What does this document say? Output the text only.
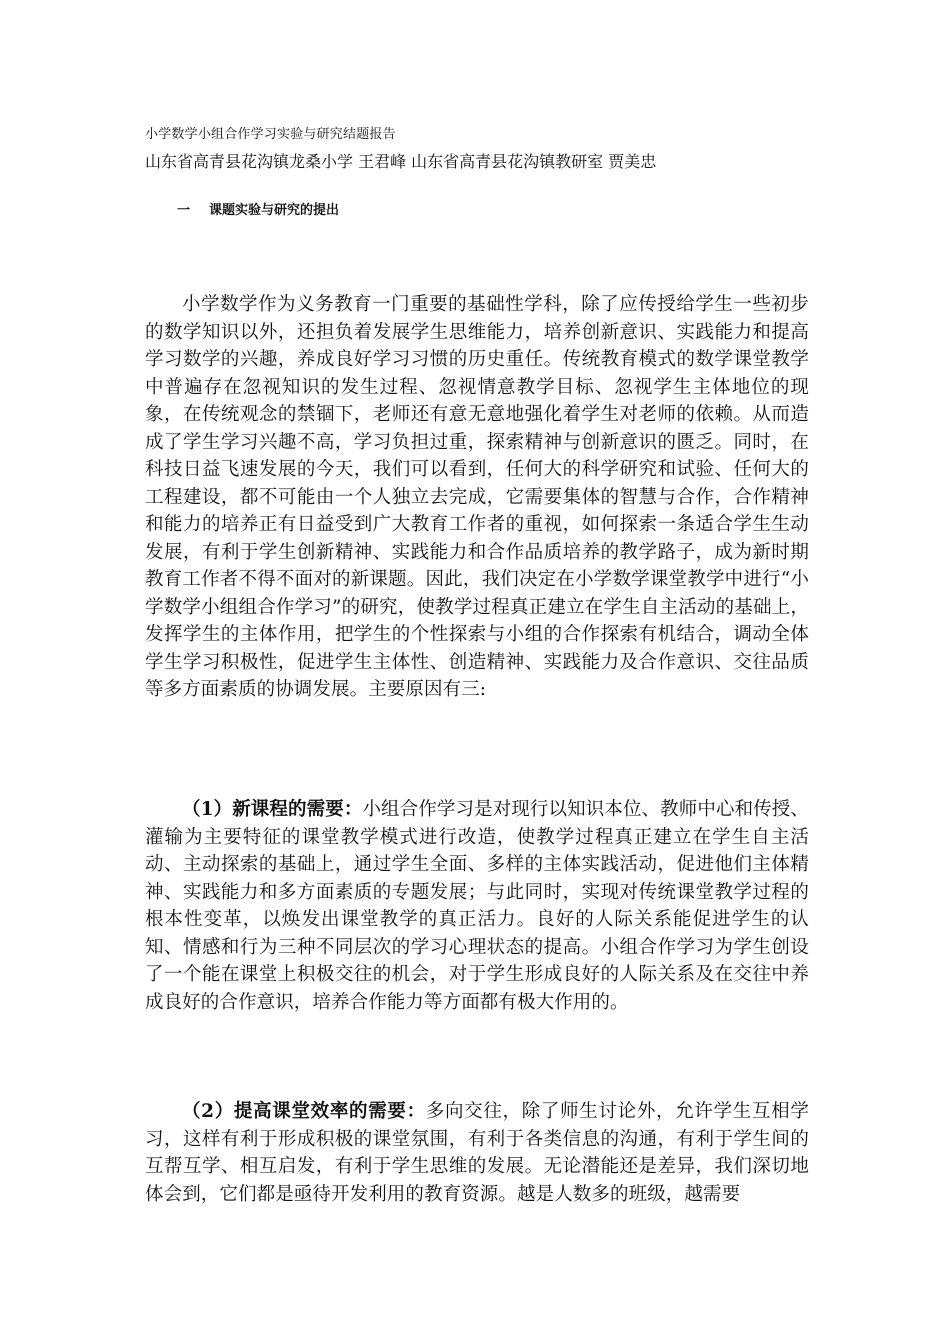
小学数学小组合作学习实验与研究结题报告
山东省高青县花沟镇龙桑小学 王君峰 山东省高青县花沟镇教研室 贾美忠
一 课题实验与研究的提出

小学数学作为义务教育一门重要的基础性学科，除了应传授给学生一些初步的数学知识以外，还担负着发展学生思维能力，培养创新意识、实践能力和提高学习数学的兴趣，养成良好学习习惯的历史重任。传统教育模式的数学课堂教学中普遍存在忽视知识的发生过程、忽视情意教学目标、忽视学生主体地位的现象，在传统观念的禁锢下，老师还有意无意地强化着学生对老师的依赖。从而造成了学生学习兴趣不高，学习负担过重，探索精神与创新意识的匮乏。同时，在科技日益飞速发展的今天，我们可以看到，任何大的科学研究和试验、任何大的工程建设，都不可能由一个人独立去完成，它需要集体的智慧与合作，合作精神和能力的培养正有日益受到广大教育工作者的重视，如何探索一条适合学生生动发展，有利于学生创新精神、实践能力和合作品质培养的教学路子，成为新时期教育工作者不得不面对的新课题。因此，我们决定在小学数学课堂教学中进行“小学数学小组组合作学习”的研究，使教学过程真正建立在学生自主活动的基础上，发挥学生的主体作用，把学生的个性探索与小组的合作探索有机结合，调动全体学生学习积极性，促进学生主体性、创造精神、实践能力及合作意识、交往品质等多方面素质的协调发展。主要原因有三:

（1）新课程的需要：小组合作学习是对现行以知识本位、教师中心和传授、灌输为主要特征的课堂教学模式进行改造，使教学过程真正建立在学生自主活动、主动探索的基础上，通过学生全面、多样的主体实践活动，促进他们主体精神、实践能力和多方面素质的专题发展；与此同时，实现对传统课堂教学过程的根本性变革，以焕发出课堂教学的真正活力。良好的人际关系能促进学生的认知、情感和行为三种不同层次的学习心理状态的提高。小组合作学习为学生创设了一个能在课堂上积极交往的机会，对于学生形成良好的人际关系及在交往中养成良好的合作意识，培养合作能力等方面都有极大作用的。

（2）提高课堂效率的需要：多向交往，除了师生讨论外，允许学生互相学习，这样有利于形成积极的课堂氛围，有利于各类信息的沟通，有利于学生间的互帮互学、相互启发，有利于学生思维的发展。无论潜能还是差异，我们深切地体会到，它们都是亟待开发利用的教育资源。越是人数多的班级，越需要
